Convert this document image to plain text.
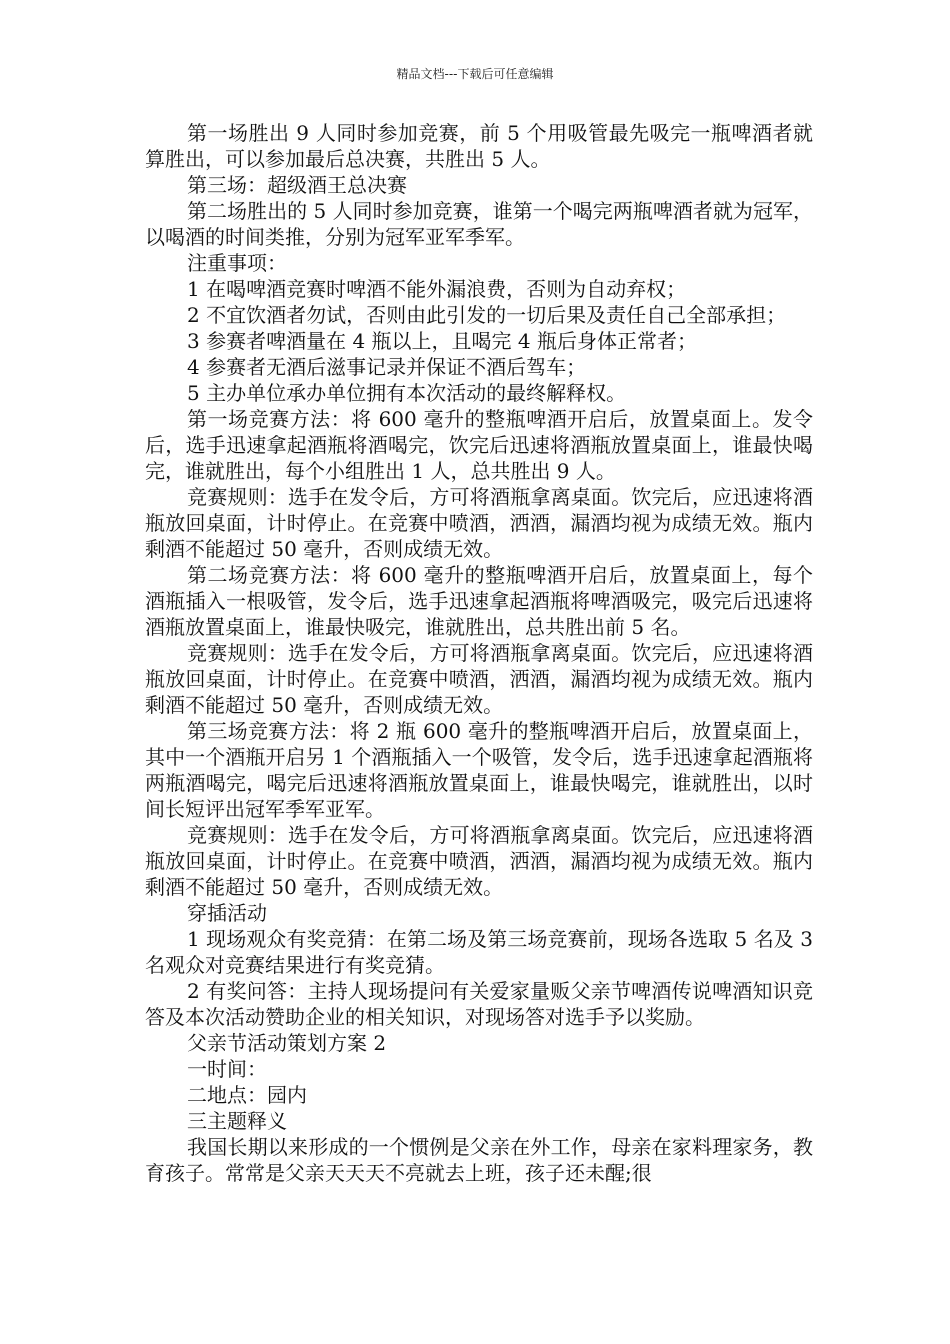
精品文档---下载后可任意编辑

第一场胜出 9 人同时参加竞赛，前 5 个用吸管最先吸完一瓶啤酒者就算胜出，可以参加最后总决赛，共胜出 5 人。

第三场：超级酒王总决赛

第二场胜出的 5 人同时参加竞赛，谁第一个喝完两瓶啤酒者就为冠军，以喝酒的时间类推，分别为冠军亚军季军。

注重事项：

1 在喝啤酒竞赛时啤酒不能外漏浪费，否则为自动弃权；

2 不宜饮酒者勿试，否则由此引发的一切后果及责任自己全部承担；

3 参赛者啤酒量在 4 瓶以上，且喝完 4 瓶后身体正常者；

4 参赛者无酒后滋事记录并保证不酒后驾车；

5 主办单位承办单位拥有本次活动的最终解释权。

第一场竞赛方法：将 600 毫升的整瓶啤酒开启后，放置桌面上。发令后，选手迅速拿起酒瓶将酒喝完，饮完后迅速将酒瓶放置桌面上，谁最快喝完，谁就胜出，每个小组胜出 1 人，总共胜出 9 人。

竞赛规则：选手在发令后，方可将酒瓶拿离桌面。饮完后，应迅速将酒瓶放回桌面，计时停止。在竞赛中喷酒，洒酒，漏酒均视为成绩无效。瓶内剩酒不能超过 50 毫升，否则成绩无效。

第二场竞赛方法：将 600 毫升的整瓶啤酒开启后，放置桌面上，每个酒瓶插入一根吸管，发令后，选手迅速拿起酒瓶将啤酒吸完，吸完后迅速将酒瓶放置桌面上，谁最快吸完，谁就胜出，总共胜出前 5 名。

竞赛规则：选手在发令后，方可将酒瓶拿离桌面。饮完后，应迅速将酒瓶放回桌面，计时停止。在竞赛中喷酒，洒酒，漏酒均视为成绩无效。瓶内剩酒不能超过 50 毫升，否则成绩无效。

第三场竞赛方法：将 2 瓶 600 毫升的整瓶啤酒开启后，放置桌面上，其中一个酒瓶开启另 1 个酒瓶插入一个吸管，发令后，选手迅速拿起酒瓶将两瓶酒喝完，喝完后迅速将酒瓶放置桌面上，谁最快喝完，谁就胜出，以时间长短评出冠军季军亚军。

竞赛规则：选手在发令后，方可将酒瓶拿离桌面。饮完后，应迅速将酒瓶放回桌面，计时停止。在竞赛中喷酒，洒酒，漏酒均视为成绩无效。瓶内剩酒不能超过 50 毫升，否则成绩无效。

穿插活动

1 现场观众有奖竞猜：在第二场及第三场竞赛前，现场各选取 5 名及 3 名观众对竞赛结果进行有奖竞猜。

2 有奖问答：主持人现场提问有关爱家量贩父亲节啤酒传说啤酒知识竞答及本次活动赞助企业的相关知识，对现场答对选手予以奖励。

父亲节活动策划方案 2

一时间：

二地点：园内

三主题释义

我国长期以来形成的一个惯例是父亲在外工作，母亲在家料理家务，教育孩子。常常是父亲天天天不亮就去上班，孩子还未醒;很
